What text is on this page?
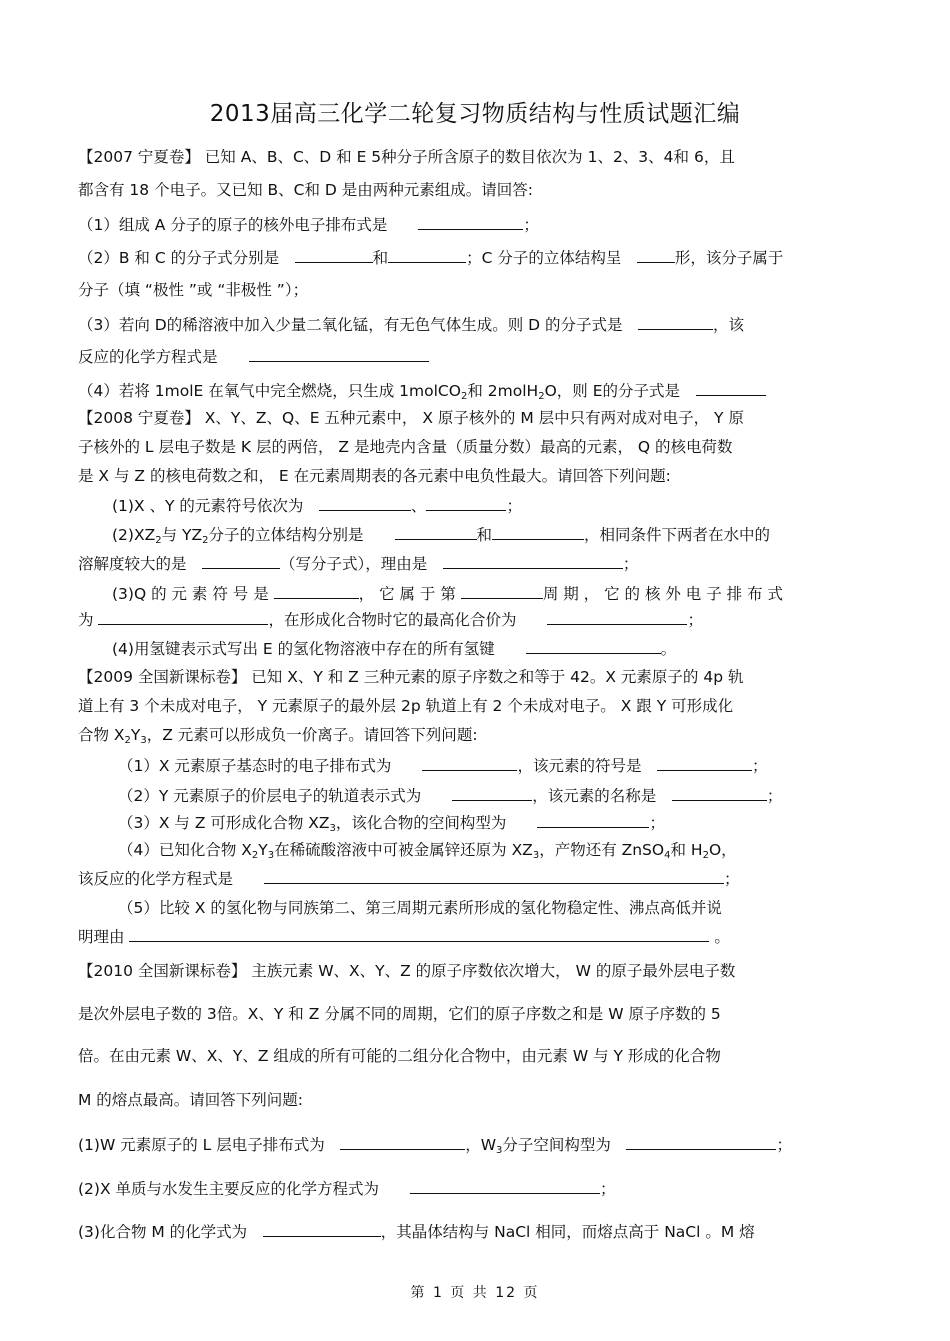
2013届高三化学二轮复习物质结构与性质试题汇编
【2007 宁夏卷】 已知 A、B、C、D 和 E 5种分子所含原子的数目依次为 1、2、3、4和 6，且
都含有 18 个电子。又已知 B、C和 D 是由两种元素组成。请回答:
（1）组成 A 分子的原子的核外电子排布式是　　	；
（2）B 和 C 的分子式分别是　	和	；C 分子的立体结构呈　	形，该分子属于
分子（填 “极性 ”或 “非极性 ”）；
（3）若向 D的稀溶液中加入少量二氧化锰，有无色气体生成。则 D 的分子式是　	，该
反应的化学方程式是　　
（4）若将 1molE 在氧气中完全燃烧，只生成 1molCO$_2$和 2molH$_2$O，则 E的分子式是　
【2008 宁夏卷】 X、Y、Z、Q、E 五种元素中， X 原子核外的 M 层中只有两对成对电子， Y 原
子核外的 L 层电子数是 K 层的两倍， Z 是地壳内含量（质量分数）最高的元素， Q 的核电荷数
是 X 与 Z 的核电荷数之和， E 在元素周期表的各元素中电负性最大。请回答下列问题:
(1)X 、Y 的元素符号依次为　	、	；
$(2)XZ_2$与 $YZ_2$分子的立体结构分别是　　	和	，相同条件下两者在水中的
溶解度较大的是　	（写分子式），理由是　	；
(3)Q 的 元 素 符 号 是	， 它 属 于 第	周 期 ， 它 的 核 外 电 子 排 布 式
为	，在形成化合物时它的最高化合价为　　	；
(4)用氢键表示式写出 E 的氢化物溶液中存在的所有氢键　　	。
【2009 全国新课标卷】 已知 X、Y 和 Z 三种元素的原子序数之和等于 42。X 元素原子的 4p 轨
道上有 3 个未成对电子， Y 元素原子的最外层 2p 轨道上有 2 个未成对电子。 X 跟 Y 可形成化
合物 $X_2Y_3$，Z 元素可以形成负一价离子。请回答下列问题:
（1）X 元素原子基态时的电子排布式为　　	，该元素的符号是　	；
（2）Y 元素原子的价层电子的轨道表示式为　　	，该元素的名称是　	；
（3）X 与 Z 可形成化合物 $XZ_3$，该化合物的空间构型为　　	；
（4）已知化合物 $X_2Y_3$在稀硫酸溶液中可被金属锌还原为 $XZ_3$，产物还有 ZnSO$_4$和 $H_2O$，
该反应的化学方程式是　　	；
（5）比较 X 的氢化物与同族第二、第三周期元素所形成的氢化物稳定性、沸点高低并说
明理由	。
【2010 全国新课标卷】 主族元素 W、X、Y、Z 的原子序数依次增大， W 的原子最外层电子数
是次外层电子数的 3倍。X、Y 和 Z 分属不同的周期，它们的原子序数之和是 W 原子序数的 5
倍。在由元素 W、X、Y、Z 组成的所有可能的二组分化合物中，由元素 W 与 Y 形成的化合物
M 的熔点最高。请回答下列问题:
(1)W 元素原子的 L 层电子排布式为　	，$W_3$分子空间构型为　	；
(2)X 单质与水发生主要反应的化学方程式为　　	；
(3)化合物 M 的化学式为　	，其晶体结构与 NaCl 相同，而熔点高于 NaCl 。M 熔
第 1 页 共 12 页
